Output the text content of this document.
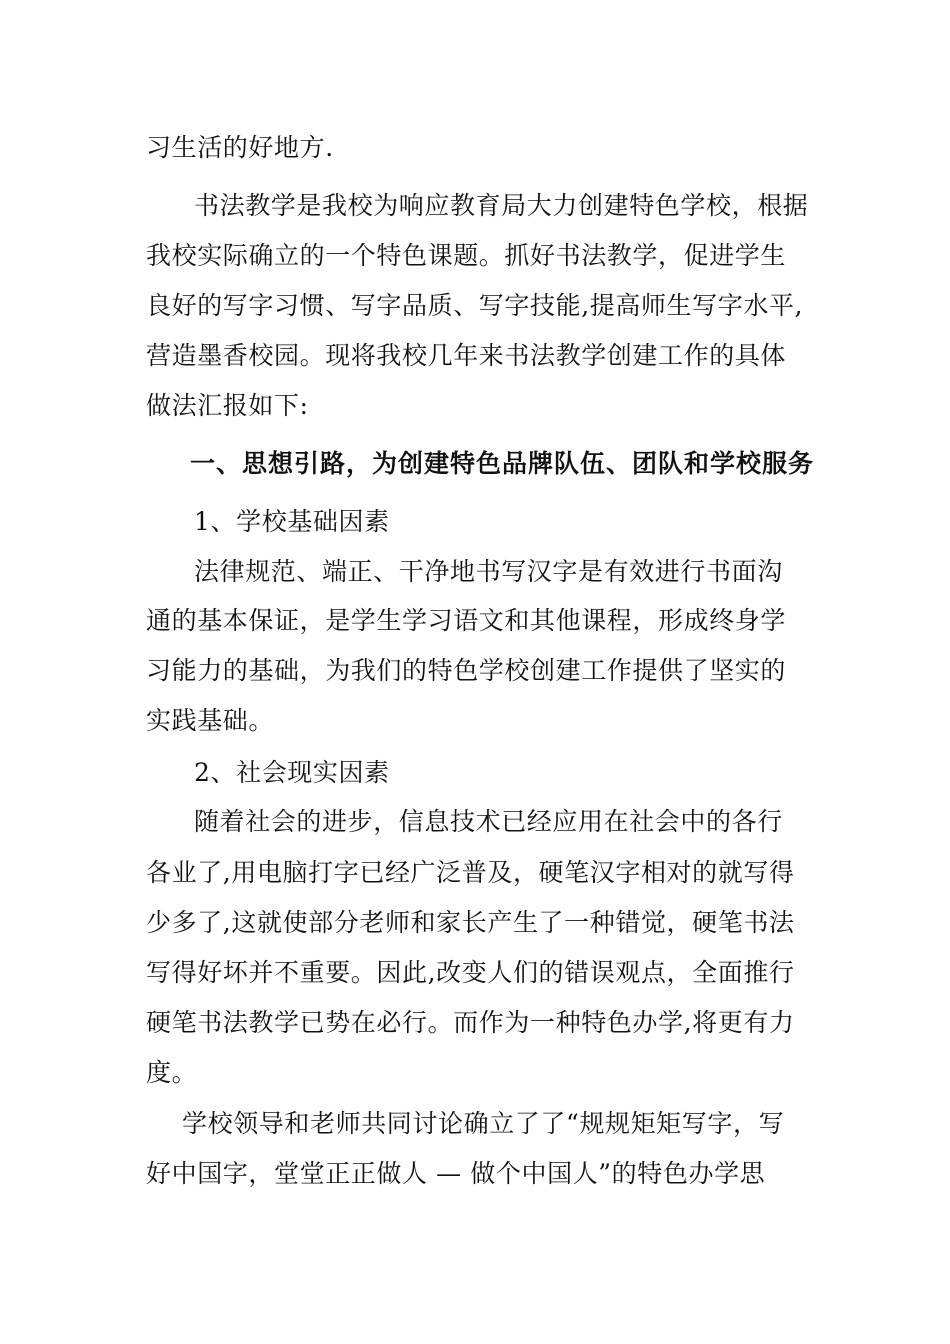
习生活的好地方.
书法教学是我校为响应教育局大力创建特色学校，根据
我校实际确立的一个特色课题。抓好书法教学，促进学生
良好的写字习惯、写字品质、写字技能,提高师生写字水平,
营造墨香校园。现将我校几年来书法教学创建工作的具体
做法汇报如下:
一、思想引路，为创建特色品牌队伍、团队和学校服务
1、学校基础因素
法律规范、端正、干净地书写汉字是有效进行书面沟
通的基本保证，是学生学习语文和其他课程，形成终身学
习能力的基础，为我们的特色学校创建工作提供了坚实的
实践基础。
2、社会现实因素
随着社会的进步，信息技术已经应用在社会中的各行
各业了,用电脑打字已经广泛普及，硬笔汉字相对的就写得
少多了,这就使部分老师和家长产生了一种错觉，硬笔书法
写得好坏并不重要。因此,改变人们的错误观点，全面推行
硬笔书法教学已势在必行。而作为一种特色办学,将更有力
度。
学校领导和老师共同讨论确立了了“规规矩矩写字，写
好中国字，堂堂正正做人 — 做个中国人”的特色办学思
